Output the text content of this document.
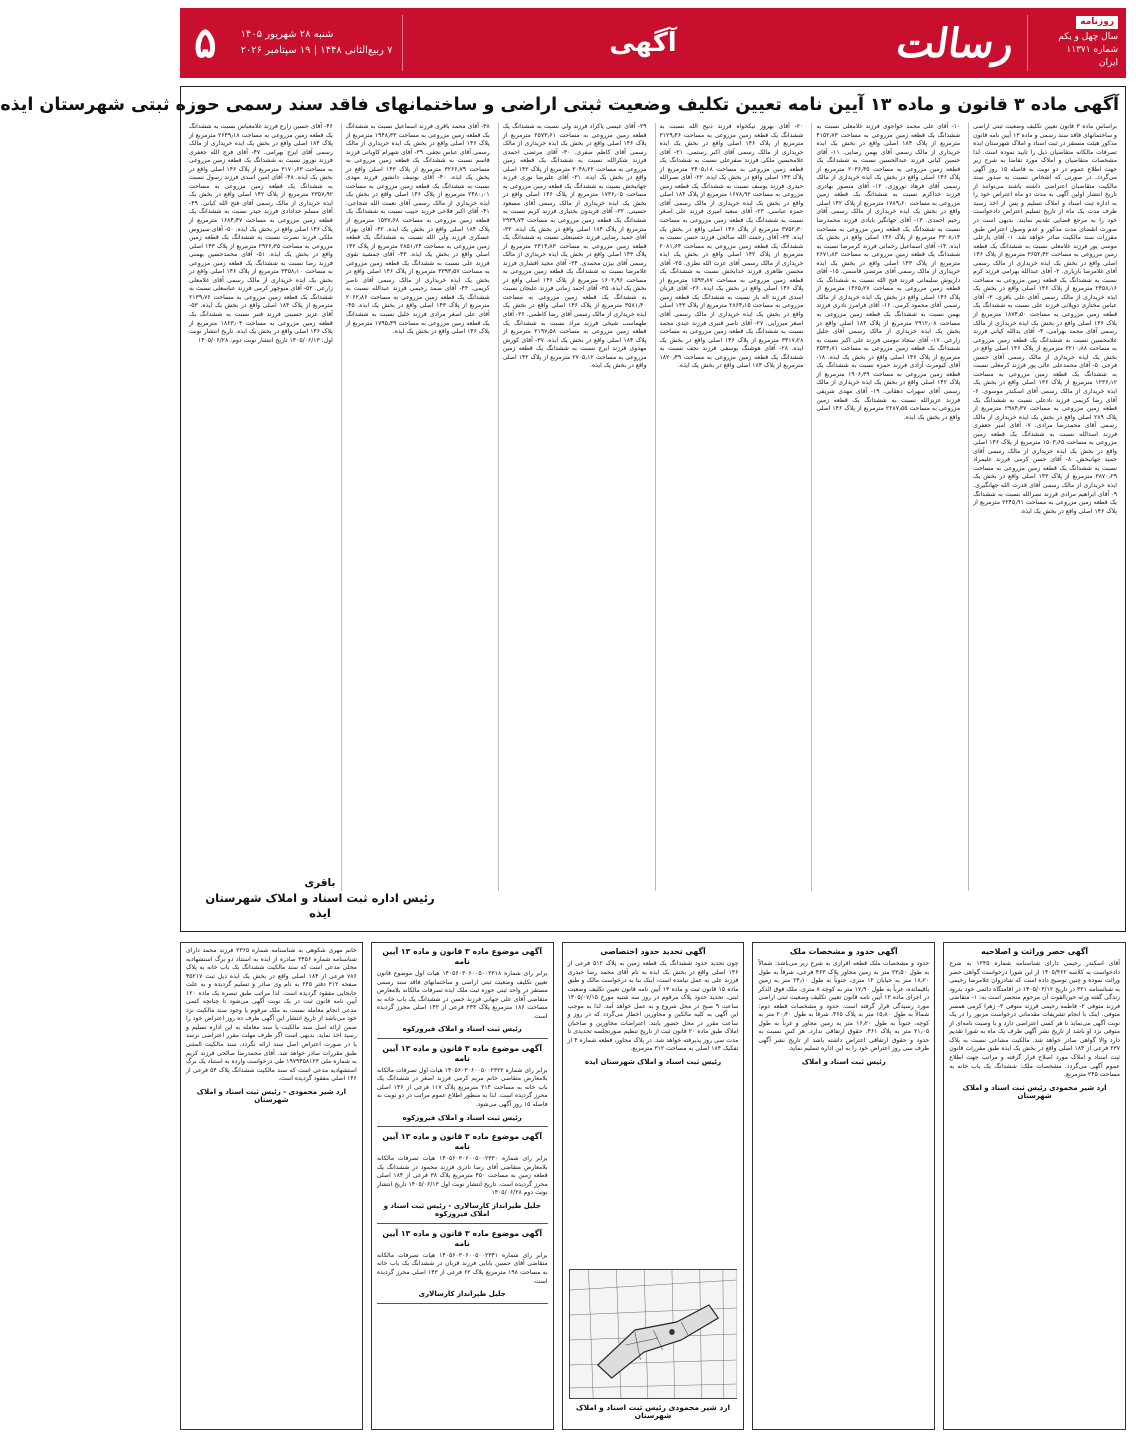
روزنامه
سال چهل و یکم
شماره ۱۱۳۷۱
ایران
رسالت
آگهی
شنبه ۲۸ شهریور ۱۴۰۵
۷ ربیع‌الثانی ۱۴۴۸ | ۱۹ سپتامبر ۲۰۲۶
۵
آگهی ماده ۳ قانون و ماده ۱۳ آیین نامه تعیین تکلیف وضعیت ثبتی اراضی و ساختمانهای فاقد سند رسمی حوزه ثبتی شهرستان ایذه

براساس ماده ۳ قانون تعیین تکلیف وضعیت ثبتی اراضی و ساختمانهای فاقد سند رسمی و ماده ۱۳ آیین نامه قانون مذکور هیئت مستقر در ثبت اسناد و املاک شهرستان ایذه تصرفات مالکانه متقاضیان ذیل را تایید نموده است. لذا مشخصات متقاضیان و املاک مورد تقاضا به شرح زیر جهت اطلاع عموم در دو نوبت به فاصله ۱۵ روز آگهی می‌گردد. در صورتی که اشخاص نسبت به صدور سند مالکیت متقاضیان اعتراضی داشته باشند می‌توانند از تاریخ انتشار اولین آگهی به مدت دو ماه اعتراض خود را به اداره ثبت اسناد و املاک تسلیم و پس از اخذ رسید ظرف مدت یک ماه از تاریخ تسلیم اعتراض دادخواست خود را به مرجع قضایی تقدیم نمایند. بدیهی است در صورت انقضای مدت مذکور و عدم وصول اعتراض طبق مقررات سند مالکیت صادر خواهد شد. ۱- آقای یارعلی موسی پور فرزند غلامعلی نسبت به ششدانگ یک قطعه زمین مزروعی به مساحت ۳۶۵۲٫۴۲ مترمربع از پلاک ۱۴۶ اصلی واقع در بخش یک ایذه خریداری از مالک رسمی آقای غلامرضا بازیاری. ۲- آقای عبدالله بهرامی فرزند کرم نسبت به ششدانگ یک قطعه زمین مزروعی به مساحت ۲۴۵۸٫۱۶ مترمربع از پلاک ۱۴۶ اصلی واقع در بخش یک ایذه خریداری از مالک رسمی آقای علی باقری. ۳- آقای عباس مختاری دوپلانی فرزند علی نسبت به ششدانگ یک قطعه زمین مزروعی به مساحت ۱۸۷۴٫۵۰ مترمربع از پلاک ۱۳۶ اصلی واقع در بخش یک ایذه خریداری از مالک رسمی آقای محمد بهرامی. ۴- آقای یدالله کیانی فرزند غلامحسین نسبت به ششدانگ یک قطعه زمین مزروعی به مساحت ۳۲۱۰٫۸۸ مترمربع از پلاک ۱۴۶ اصلی واقع در بخش یک ایذه خریداری از مالک رسمی آقای حسین فرجی. ۵- آقای محمدعلی عالی پور فرزند کرمعلی نسبت به ششدانگ یک قطعه زمین مزروعی به مساحت ۱۲۳۶٫۱۲ مترمربع از پلاک ۱۳۶ اصلی واقع در بخش یک ایذه خریداری از مالک رسمی آقای اسکندر موسوی. ۶- آقای رضا کریمی فرزند نادعلی نسبت به ششدانگ یک قطعه زمین مزروعی به مساحت ۲۹۸۴٫۳۷ مترمربع از پلاک ۲۸۹ اصلی واقع در بخش یک ایذه خریداری از مالک رسمی آقای محمدرضا مرادی. ۷- آقای امیر جعفری فرزند اسدالله نسبت به ششدانگ یک قطعه زمین مزروعی به مساحت ۱۵۰۳٫۶۵ مترمربع از پلاک ۱۴۶ اصلی واقع در بخش یک ایذه خریداری از مالک رسمی آقای حمید جهانبخش. ۸- آقای حسن کرمی فرزند علیمراد نسبت به ششدانگ یک قطعه زمین مزروعی به مساحت ۳۸۷۰٫۲۹ مترمربع از پلاک ۱۴۳ اصلی واقع در بخش یک ایذه خریداری از مالک رسمی آقای قدرت الله جهانگیری. ۹- آقای ابراهیم مرادی فرزند نصرالله نسبت به ششدانگ یک قطعه زمین مزروعی به مساحت ۲۲۴۵٫۹۱ مترمربع از پلاک ۱۴۶ اصلی واقع در بخش یک ایذه.

۱۰- آقای علی محمد خواجوی فرزند غلامعلی نسبت به ششدانگ یک قطعه زمین مزروعی به مساحت ۴۱۵۲٫۷۳ مترمربع از پلاک ۱۸۴ اصلی واقع در بخش یک ایذه خریداری از مالک رسمی آقای بهمن رضایی. ۱۱- آقای حسین کیانی فرزند عبدالحسین نسبت به ششدانگ یک قطعه زمین مزروعی به مساحت ۲۰۳۶٫۴۵ مترمربع از پلاک ۱۴۶ اصلی واقع در بخش یک ایذه خریداری از مالک رسمی آقای فرهاد نوروزی. ۱۲- آقای منصور بهادری فرزند خداکرم نسبت به ششدانگ یک قطعه زمین مزروعی به مساحت ۱۷۸۹٫۶۰ مترمربع از پلاک ۱۴۲ اصلی واقع در بخش یک ایذه خریداری از مالک رسمی آقای رحیم احمدی. ۱۳- آقای جهانگیر بابادی فرزند محمدرضا نسبت به ششدانگ یک قطعه زمین مزروعی به مساحت ۳۳۰۸٫۱۴ مترمربع از پلاک ۱۴۶ اصلی واقع در بخش یک ایذه. ۱۴- آقای اسماعیل رحمانی فرزند کرمرضا نسبت به ششدانگ یک قطعه زمین مزروعی به مساحت ۲۶۷۱٫۸۳ مترمربع از پلاک ۱۴۳ اصلی واقع در بخش یک ایذه خریداری از مالک رسمی آقای مرتضی قاسمی. ۱۵- آقای داریوش سلیمانی فرزند فتح الله نسبت به ششدانگ یک قطعه زمین مزروعی به مساحت ۱۴۶۵٫۲۷ مترمربع از پلاک ۱۴۶ اصلی واقع در بخش یک ایذه خریداری از مالک رسمی آقای محمود کرمی. ۱۶- آقای فرامرز نادری فرزند بهمن نسبت به ششدانگ یک قطعه زمین مزروعی به مساحت ۲۹۱۲٫۰۸ مترمربع از پلاک ۱۸۴ اصلی واقع در بخش یک ایذه خریداری از مالک رسمی آقای جلیل زارعی. ۱۷- آقای سجاد مومنی فرزند علی اکبر نسبت به ششدانگ یک قطعه زمین مزروعی به مساحت ۳۵۴۴٫۷۱ مترمربع از پلاک ۱۴۶ اصلی واقع در بخش یک ایذه. ۱۸- آقای کیومرث آزادی فرزند حمزه نسبت به ششدانگ یک قطعه زمین مزروعی به مساحت ۱۹۰۶٫۳۹ مترمربع از پلاک ۱۴۲ اصلی واقع در بخش یک ایذه خریداری از مالک رسمی آقای سهراب دهقانی. ۱۹- آقای مهدی شریفی فرزند عزیزالله نسبت به ششدانگ یک قطعه زمین مزروعی به مساحت ۲۲۸۷٫۵۵ مترمربع از پلاک ۱۴۶ اصلی واقع در بخش یک ایذه.

۲۰- آقای بهروز نیکخواه فرزند ذبیح الله نسبت به ششدانگ یک قطعه زمین مزروعی به مساحت ۳۱۲۹٫۴۶ مترمربع از پلاک ۱۴۶ اصلی واقع در بخش یک ایذه خریداری از مالک رسمی آقای اکبر رستمی. ۲۱- آقای غلامحسین ملکی فرزند صفرعلی نسبت به ششدانگ یک قطعه زمین مزروعی به مساحت ۲۴۰۵٫۱۸ مترمربع از پلاک ۱۴۳ اصلی واقع در بخش یک ایذه. ۲۲- آقای نصرالله حیدری فرزند یوسف نسبت به ششدانگ یک قطعه زمین مزروعی به مساحت ۱۶۷۸٫۹۲ مترمربع از پلاک ۱۸۴ اصلی واقع در بخش یک ایذه خریداری از مالک رسمی آقای حمزه عباسی. ۲۳- آقای سعید امیری فرزند علی اصغر نسبت به ششدانگ یک قطعه زمین مزروعی به مساحت ۳۷۵۲٫۳۰ مترمربع از پلاک ۱۴۶ اصلی واقع در بخش یک ایذه. ۲۴- آقای رحمت الله صالحی فرزند حسن نسبت به ششدانگ یک قطعه زمین مزروعی به مساحت ۲۰۸۱٫۶۴ مترمربع از پلاک ۱۴۲ اصلی واقع در بخش یک ایذه خریداری از مالک رسمی آقای عزت الله نظری. ۲۵- آقای محسن طاهری فرزند خدابخش نسبت به ششدانگ یک قطعه زمین مزروعی به مساحت ۱۵۹۳٫۸۷ مترمربع از پلاک ۱۴۶ اصلی واقع در بخش یک ایذه. ۲۶- آقای قربان اسدی فرزند اله یار نسبت به ششدانگ یک قطعه زمین مزروعی به مساحت ۲۸۶۴٫۱۵ مترمربع از پلاک ۱۴۳ اصلی واقع در بخش یک ایذه خریداری از مالک رسمی آقای اصغر میرزایی. ۲۷- آقای ناصر قنبری فرزند عیدی محمد نسبت به ششدانگ یک قطعه زمین مزروعی به مساحت ۳۴۱۷٫۲۸ مترمربع از پلاک ۱۴۶ اصلی واقع در بخش یک ایذه. ۲۸- آقای هوشنگ یوسفی فرزند نجف نسبت به ششدانگ یک قطعه زمین مزروعی به مساحت ۱۸۲۰٫۴۹ مترمربع از پلاک ۱۸۴ اصلی واقع در بخش یک ایذه.

۲۹- آقای عیسی پاکزاد فرزند ولی نسبت به ششدانگ یک قطعه زمین مزروعی به مساحت ۲۵۷۳٫۶۱ مترمربع از پلاک ۱۴۶ اصلی واقع در بخش یک ایذه خریداری از مالک رسمی آقای کاظم صفری. ۳۰- آقای مرتضی احمدی فرزند شکرالله نسبت به ششدانگ یک قطعه زمین مزروعی به مساحت ۳۰۴۸٫۲۲ مترمربع از پلاک ۱۴۲ اصلی واقع در بخش یک ایذه. ۳۱- آقای علیرضا نوری فرزند جهانبخش نسبت به ششدانگ یک قطعه زمین مزروعی به مساحت ۱۷۳۶٫۰۵ مترمربع از پلاک ۱۴۶ اصلی واقع در بخش یک ایذه خریداری از مالک رسمی آقای مسعود حسینی. ۳۲- آقای فریدون بختیاری فرزند کریم نسبت به ششدانگ یک قطعه زمین مزروعی به مساحت ۲۹۳۹٫۷۴ مترمربع از پلاک ۱۸۴ اصلی واقع در بخش یک ایذه. ۳۳- آقای حمید رضایی فرزند حسینعلی نسبت به ششدانگ یک قطعه زمین مزروعی به مساحت ۲۳۱۴٫۸۳ مترمربع از پلاک ۱۴۳ اصلی واقع در بخش یک ایذه خریداری از مالک رسمی آقای بیژن محمدی. ۳۴- آقای مجید افشاری فرزند غلامرضا نسبت به ششدانگ یک قطعه زمین مزروعی به مساحت ۱۶۰۲٫۹۶ مترمربع از پلاک ۱۴۶ اصلی واقع در بخش یک ایذه. ۳۵- آقای احمد زمانی فرزند علیجان نسبت به ششدانگ یک قطعه زمین مزروعی به مساحت ۳۵۸۱٫۴۰ مترمربع از پلاک ۱۴۶ اصلی واقع در بخش یک ایذه خریداری از مالک رسمی آقای رضا کاظمی. ۳۶- آقای طهماسب شیخی فرزند مراد نسبت به ششدانگ یک قطعه زمین مزروعی به مساحت ۲۱۹۷٫۵۸ مترمربع از پلاک ۱۸۴ اصلی واقع در بخش یک ایذه. ۳۷- آقای کورش مهدوی فرزند ایرج نسبت به ششدانگ یک قطعه زمین مزروعی به مساحت ۲۷۰۵٫۱۲ مترمربع از پلاک ۱۴۲ اصلی واقع در بخش یک ایذه.

۳۸- آقای محمد باقری فرزند اسماعیل نسبت به ششدانگ یک قطعه زمین مزروعی به مساحت ۱۹۴۸٫۳۳ مترمربع از پلاک ۱۴۶ اصلی واقع در بخش یک ایذه خریداری از مالک رسمی آقای عباس نجفی. ۳۹- آقای شهرام کاویانی فرزند قاسم نسبت به ششدانگ یک قطعه زمین مزروعی به مساحت ۳۲۶۶٫۷۹ مترمربع از پلاک ۱۴۳ اصلی واقع در بخش یک ایذه. ۴۰- آقای یوسف دانشور فرزند مهدی نسبت به ششدانگ یک قطعه زمین مزروعی به مساحت ۲۴۸۰٫۰۱ مترمربع از پلاک ۱۴۶ اصلی واقع در بخش یک ایذه خریداری از مالک رسمی آقای نعمت الله شجاعی. ۴۱- آقای اکبر فلاحی فرزند حبیب نسبت به ششدانگ یک قطعه زمین مزروعی به مساحت ۱۵۳۷٫۶۸ مترمربع از پلاک ۱۸۴ اصلی واقع در بخش یک ایذه. ۴۲- آقای بهزاد عسکری فرزند ولی الله نسبت به ششدانگ یک قطعه زمین مزروعی به مساحت ۲۸۵۱٫۲۴ مترمربع از پلاک ۱۴۲ اصلی واقع در بخش یک ایذه. ۴۳- آقای جمشید تقوی فرزند علی نسبت به ششدانگ یک قطعه زمین مزروعی به مساحت ۳۳۹۳٫۵۷ مترمربع از پلاک ۱۴۶ اصلی واقع در بخش یک ایذه خریداری از مالک رسمی آقای ناصر کریمی. ۴۴- آقای صمد رحیمی فرزند عبدالله نسبت به ششدانگ یک قطعه زمین مزروعی به مساحت ۲۰۶۲٫۸۶ مترمربع از پلاک ۱۴۳ اصلی واقع در بخش یک ایذه. ۴۵- آقای علی اصغر مرادی فرزند خلیل نسبت به ششدانگ یک قطعه زمین مزروعی به مساحت ۱۷۹۵٫۴۹ مترمربع از پلاک ۱۴۶ اصلی واقع در بخش یک ایذه.

۴۶- آقای حسین زارع فرزند غلامعباس نسبت به ششدانگ یک قطعه زمین مزروعی به مساحت ۲۶۴۹٫۱۸ مترمربع از پلاک ۱۸۴ اصلی واقع در بخش یک ایذه خریداری از مالک رسمی آقای ایرج بهرامی. ۴۷- آقای فرج الله جعفری فرزند نوروز نسبت به ششدانگ یک قطعه زمین مزروعی به مساحت ۳۱۷۰٫۶۳ مترمربع از پلاک ۱۴۶ اصلی واقع در بخش یک ایذه. ۴۸- آقای امین اسدی فرزند رسول نسبت به ششدانگ یک قطعه زمین مزروعی به مساحت ۲۳۵۷٫۹۲ مترمربع از پلاک ۱۴۲ اصلی واقع در بخش یک ایذه خریداری از مالک رسمی آقای فتح الله کیانی. ۴۹- آقای مسلم خدادادی فرزند حیدر نسبت به ششدانگ یک قطعه زمین مزروعی به مساحت ۱۶۸۴٫۴۷ مترمربع از پلاک ۱۴۶ اصلی واقع در بخش یک ایذه. ۵۰- آقای سیروس ملکی فرزند نصرت نسبت به ششدانگ یک قطعه زمین مزروعی به مساحت ۲۹۲۶٫۳۵ مترمربع از پلاک ۱۴۳ اصلی واقع در بخش یک ایذه. ۵۱- آقای محمدحسین بهمنی فرزند رضا نسبت به ششدانگ یک قطعه زمین مزروعی به مساحت ۳۴۵۸٫۱۰ مترمربع از پلاک ۱۴۶ اصلی واقع در بخش یک ایذه خریداری از مالک رسمی آقای غلامعلی زارعی. ۵۲- آقای منوچهر کرمی فرزند عباسعلی نسبت به ششدانگ یک قطعه زمین مزروعی به مساحت ۲۱۳۹٫۷۶ مترمربع از پلاک ۱۸۴ اصلی واقع در بخش یک ایذه. ۵۳- آقای عزیز حسینی فرزند قنبر نسبت به ششدانگ یک قطعه زمین مزروعی به مساحت ۱۸۶۳٫۰۴ مترمربع از پلاک ۱۴۶ اصلی واقع در بخش یک ایذه. تاریخ انتشار نوبت اول: ۱۴۰۵/۰۶/۱۳ تاریخ انتشار نوبت دوم: ۱۴۰۵/۰۶/۲۸

باقری
رئیس اداره ثبت اسناد و املاک شهرستان ایذه
آگهی حصر وراثت و اصلاحیه

آقای اسکندر رحیمی دارای شناسنامه شماره ۱۲۴۵ به شرح دادخواست به کلاسه ۱۴۰۵/۴۶۲ از این شورا درخواست گواهی حصر وراثت نموده و چنین توضیح داده است که شادروان غلامرضا رحیمی به شناسنامه ۳۲۱ در تاریخ ۱۴۰۵/۰۳/۱۲ در اقامتگاه دائمی خود بدرود زندگی گفته ورثه حین‌الفوت آن مرحوم منحصر است به: ۱- متقاضی فرزند متوفی ۲- فاطمه رحیمی فرزند متوفی ۳- زهرا کرمی همسر متوفی. اینک با انجام تشریفات مقدماتی درخواست مزبور را در یک نوبت آگهی می‌نماید تا هر کسی اعتراضی دارد و یا وصیت نامه‌ای از متوفی نزد او باشد از تاریخ نشر آگهی ظرف یک ماه به شورا تقدیم دارد والا گواهی صادر خواهد شد. مالکیت مشاعی نسبت به پلاک ۲۳۷ فرعی از ۱۸۴ اصلی واقع در بخش یک ایذه طبق مقررات قانون ثبت اسناد و املاک مورد اصلاح قرار گرفته و مراتب جهت اطلاع عموم آگهی می‌گردد. مشخصات ملک: ششدانگ یک باب خانه به مساحت ۲۴۵ مترمربع.

ارد شیر محمودی رئیس ثبت اسناد و املاک شهرستان
آگهی حدود و مشخصات ملک

حدود و مشخصات ملک قطعه افرازی به شرح زیر می‌باشد: شمالاً به طول ۲۳٫۵۰ متر به زمین مجاور پلاک ۴۶۳ فرعی، شرقاً به طول ۱۸٫۲۰ متر به خیابان ۱۲ متری، جنوباً به طول ۲۴٫۱۰ متر به زمین باقیمانده، غرباً به طول ۱۷٫۹۰ متر به کوچه ۸ متری. ملک فوق الذکر در اجرای ماده ۱۳ آیین نامه قانون تعیین تکلیف وضعیت ثبتی اراضی مورد رسیدگی قرار گرفته است. حدود و مشخصات قطعه دوم: شمالاً به طول ۱۵٫۸۰ متر به پلاک ۴۶۵، شرقاً به طول ۲۰٫۴۰ متر به کوچه، جنوباً به طول ۱۶٫۲۰ متر به زمین مجاور و غرباً به طول ۲۱٫۰۵ متر به پلاک ۴۶۱. حقوق ارتفاقی ندارد. هر کس نسبت به حدود و حقوق ارتفاقی اعتراض داشته باشد از تاریخ نشر آگهی ظرف سی روز اعتراض خود را به این اداره تسلیم نماید.

رئیس ثبت اسناد و املاک
آگهی تحدید حدود اختصاصی

چون تحدید حدود ششدانگ یک قطعه زمین به پلاک ۵۱۲ فرعی از ۱۴۶ اصلی واقع در بخش یک ایذه به نام آقای محمد رضا حیدری فرزند علی به عمل نیامده است، اینک بنا به درخواست مالک و طبق ماده ۱۵ قانون ثبت و ماده ۱۳ آیین نامه قانون تعیین تکلیف وضعیت ثبتی، تحدید حدود پلاک مرقوم در روز سه شنبه مورخ ۱۴۰۵/۰۷/۱۵ ساعت ۹ صبح در محل شروع و به عمل خواهد آمد. لذا به موجب این آگهی به کلیه مالکین و مجاورین اخطار می‌گردد که در روز و ساعت مقرر در محل حضور یابند. اعتراضات مجاورین و صاحبان املاک طبق ماده ۲۰ قانون ثبت از تاریخ تنظیم صورتجلسه تحدیدی تا مدت سی روز پذیرفته خواهد شد. در پلاک مجاور، قطعه شماره ۴ از تفکیک ۱۸۴ اصلی به مساحت ۳۱۲ مترمربع.

رئیس ثبت اسناد و املاک شهرستان ایذه
ارد شیر محمودی رئیس ثبت اسناد و املاک شهرستان
آگهی موضوع ماده ۳ قانون و ماده ۱۳ آیین نامه

برابر رای شماره ۱۴۰۵۶۰۳۰۶۰۰۵۰۰۲۳۱۸ هیات اول موضوع قانون تعیین تکلیف وضعیت ثبتی اراضی و ساختمانهای فاقد سند رسمی مستقر در واحد ثبتی حوزه ثبت ملک ایذه تصرفات مالکانه بلامعارض متقاضی آقای علی جهانی فرزند حسن در ششدانگ یک باب خانه به مساحت ۱۸۶ مترمربع پلاک ۲۴۴ فرعی از ۱۴۲ اصلی محرز گردیده است.

رئیس ثبت اسناد و املاک فیروزکوه
آگهی موضوع ماده ۳ قانون و ماده ۱۳ آیین نامه

برابر رای شماره ۱۴۰۵۶۰۳۰۶۰۰۵۰۰۲۳۲۲ هیات اول تصرفات مالکانه بلامعارض متقاضی خانم مریم کرمی فرزند اصغر در ششدانگ یک باب خانه به مساحت ۲۱۴ مترمربع پلاک ۱۱۷ فرعی از ۱۴۶ اصلی محرز گردیده است. لذا به منظور اطلاع عموم مراتب در دو نوبت به فاصله ۱۵ روز آگهی می‌شود.

رئیس ثبت اسناد و املاک فیروزکوه
آگهی موضوع ماده ۳ قانون و ماده ۱۳ آیین نامه

برابر رای شماره ۱۴۰۵۶۰۳۰۶۰۰۵۰۰۲۳۳۰ هیات تصرفات مالکانه بلامعارض متقاضی آقای رضا نادری فرزند محمود در ششدانگ یک قطعه زمین به مساحت ۴۵۰ مترمربع پلاک ۳۸ فرعی از ۱۸۴ اصلی محرز گردیده است. تاریخ انتشار نوبت اول ۱۴۰۵/۰۶/۱۳ تاریخ انتشار نوبت دوم ۱۴۰۵/۰۶/۲۸

جلیل طیرانداز کارسالاری - رئیس ثبت اسناد و املاک فیروزکوه
آگهی موضوع ماده ۳ قانون و ماده ۱۳ آیین نامه

برابر رای شماره ۱۴۰۵۶۰۳۰۶۰۰۵۰۰۲۳۴۱ هیات تصرفات مالکانه متقاضی آقای حسین بابایی فرزند قربان در ششدانگ یک باب خانه به مساحت ۱۹۸ مترمربع پلاک ۶۲ فرعی از ۱۴۳ اصلی محرز گردیده است.

جلیل طیرانداز کارسالاری

خانم مهری شکوهی به شناسنامه شماره ۲۳۶۵ فرزند محمد دارای شناسنامه شماره ۳۴۵۶ صادره از ایذه به استناد دو برگ استشهادیه محلی مدعی است که سند مالکیت ششدانگ یک باب خانه به پلاک ۷۸۶ فرعی از ۱۸۴ اصلی واقع در بخش یک ایذه ذیل ثبت ۴۵۲۱۷ صفحه ۳۱۲ دفتر ۲۴۵ به نام وی صادر و تسلیم گردیده و به علت جابجایی مفقود گردیده است. لذا مراتب طبق تبصره یک ماده ۱۲۰ آیین نامه قانون ثبت در یک نوبت آگهی می‌شود تا چنانچه کسی مدعی انجام معامله نسبت به ملک مرقوم یا وجود سند مالکیت نزد خود می‌باشد از تاریخ انتشار این آگهی ظرف ده روز اعتراض خود را ضمن ارائه اصل سند مالکیت یا سند معامله به این اداره تسلیم و رسید اخذ نماید. بدیهی است اگر ظرف مهلت مقرر اعتراضی نرسد یا در صورت اعتراض اصل سند ارائه نگردد، سند مالکیت المثنی طبق مقررات صادر خواهد شد. آقای محمدرضا صالحی فرزند کریم به شماره ملی ۱۹۷۹۴۵۸۱۲۳ طی درخواست وارده به استناد یک برگ استشهادیه مدعی است که سند مالکیت ششدانگ پلاک ۵۴ فرعی از ۱۴۶ اصلی مفقود گردیده است.

ارد شیر محمودی - رئیس ثبت اسناد و املاک شهرستان
